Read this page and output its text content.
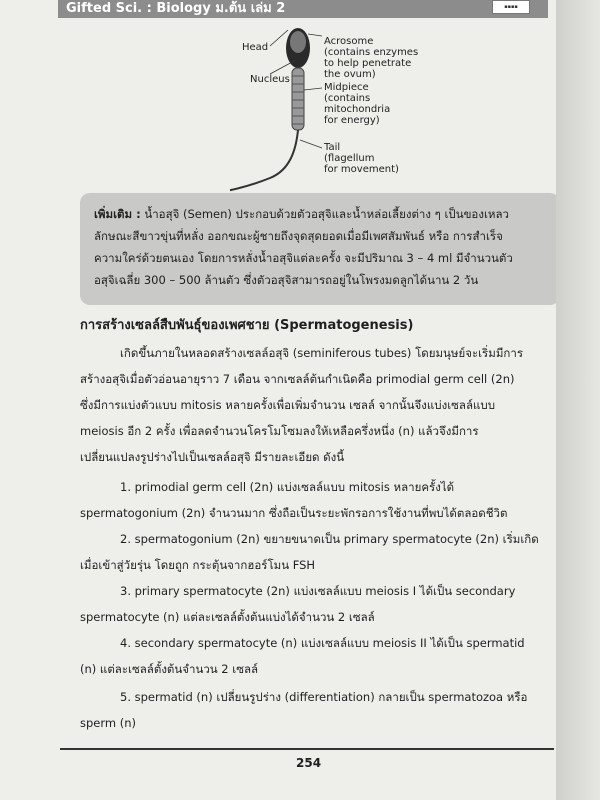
Gifted Sci. : Biology ม.ต้น เล่ม 2	▪▪▪▪
Head
Nucleus
Acrosome
(contains enzymes
to help penetrate
the ovum)
Midpiece
(contains
mitochondria
for energy)
Tail
(flagellum
for movement)
เพิ่มเติม : น้ำอสุจิ (Semen) ประกอบด้วยตัวอสุจิและน้ำหล่อเลี้ยงต่าง ๆ เป็นของเหลว
ลักษณะสีขาวขุ่นที่หลั่ง ออกขณะผู้ชายถึงจุดสุดยอดเมื่อมีเพศสัมพันธ์ หรือ การสำเร็จ
ความใคร่ด้วยตนเอง โดยการหลั่งน้ำอสุจิแต่ละครั้ง จะมีปริมาณ 3 – 4 ml มีจำนวนตัว
อสุจิเฉลี่ย 300 – 500 ล้านตัว ซึ่งตัวอสุจิสามารถอยู่ในโพรงมดลูกได้นาน 2 วัน
การสร้างเซลล์สืบพันธุ์ของเพศชาย (Spermatogenesis)
เกิดขึ้นภายในหลอดสร้างเซลล์อสุจิ (seminiferous tubes) โดยมนุษย์จะเริ่มมีการ
สร้างอสุจิเมื่อตัวอ่อนอายุราว 7 เดือน จากเซลล์ต้นกำเนิดคือ primodial germ cell (2n)
ซึ่งมีการแบ่งตัวแบบ mitosis หลายครั้งเพื่อเพิ่มจำนวน เซลล์ จากนั้นจึงแบ่งเซลล์แบบ
meiosis อีก 2 ครั้ง เพื่อลดจำนวนโครโมโซมลงให้เหลือครึ่งหนึ่ง (n) แล้วจึงมีการ
เปลี่ยนแปลงรูปร่างไปเป็นเซลล์อสุจิ มีรายละเอียด ดังนี้
1. primodial germ cell (2n) แบ่งเซลล์แบบ mitosis หลายครั้งได้
spermatogonium (2n) จำนวนมาก ซึ่งถือเป็นระยะพักรอการใช้งานที่พบได้ตลอดชีวิต
2. spermatogonium (2n) ขยายขนาดเป็น primary spermatocyte (2n) เริ่มเกิด
เมื่อเข้าสู่วัยรุ่น โดยถูก กระตุ้นจากฮอร์โมน FSH
3. primary spermatocyte (2n) แบ่งเซลล์แบบ meiosis I ได้เป็น secondary
spermatocyte (n) แต่ละเซลล์ตั้งต้นแบ่งได้จำนวน 2 เซลล์
4. secondary spermatocyte (n) แบ่งเซลล์แบบ meiosis II ได้เป็น spermatid
(n) แต่ละเซลล์ตั้งต้นจำนวน 2 เซลล์
5. spermatid (n) เปลี่ยนรูปร่าง (differentiation) กลายเป็น spermatozoa หรือ
sperm (n)
254
